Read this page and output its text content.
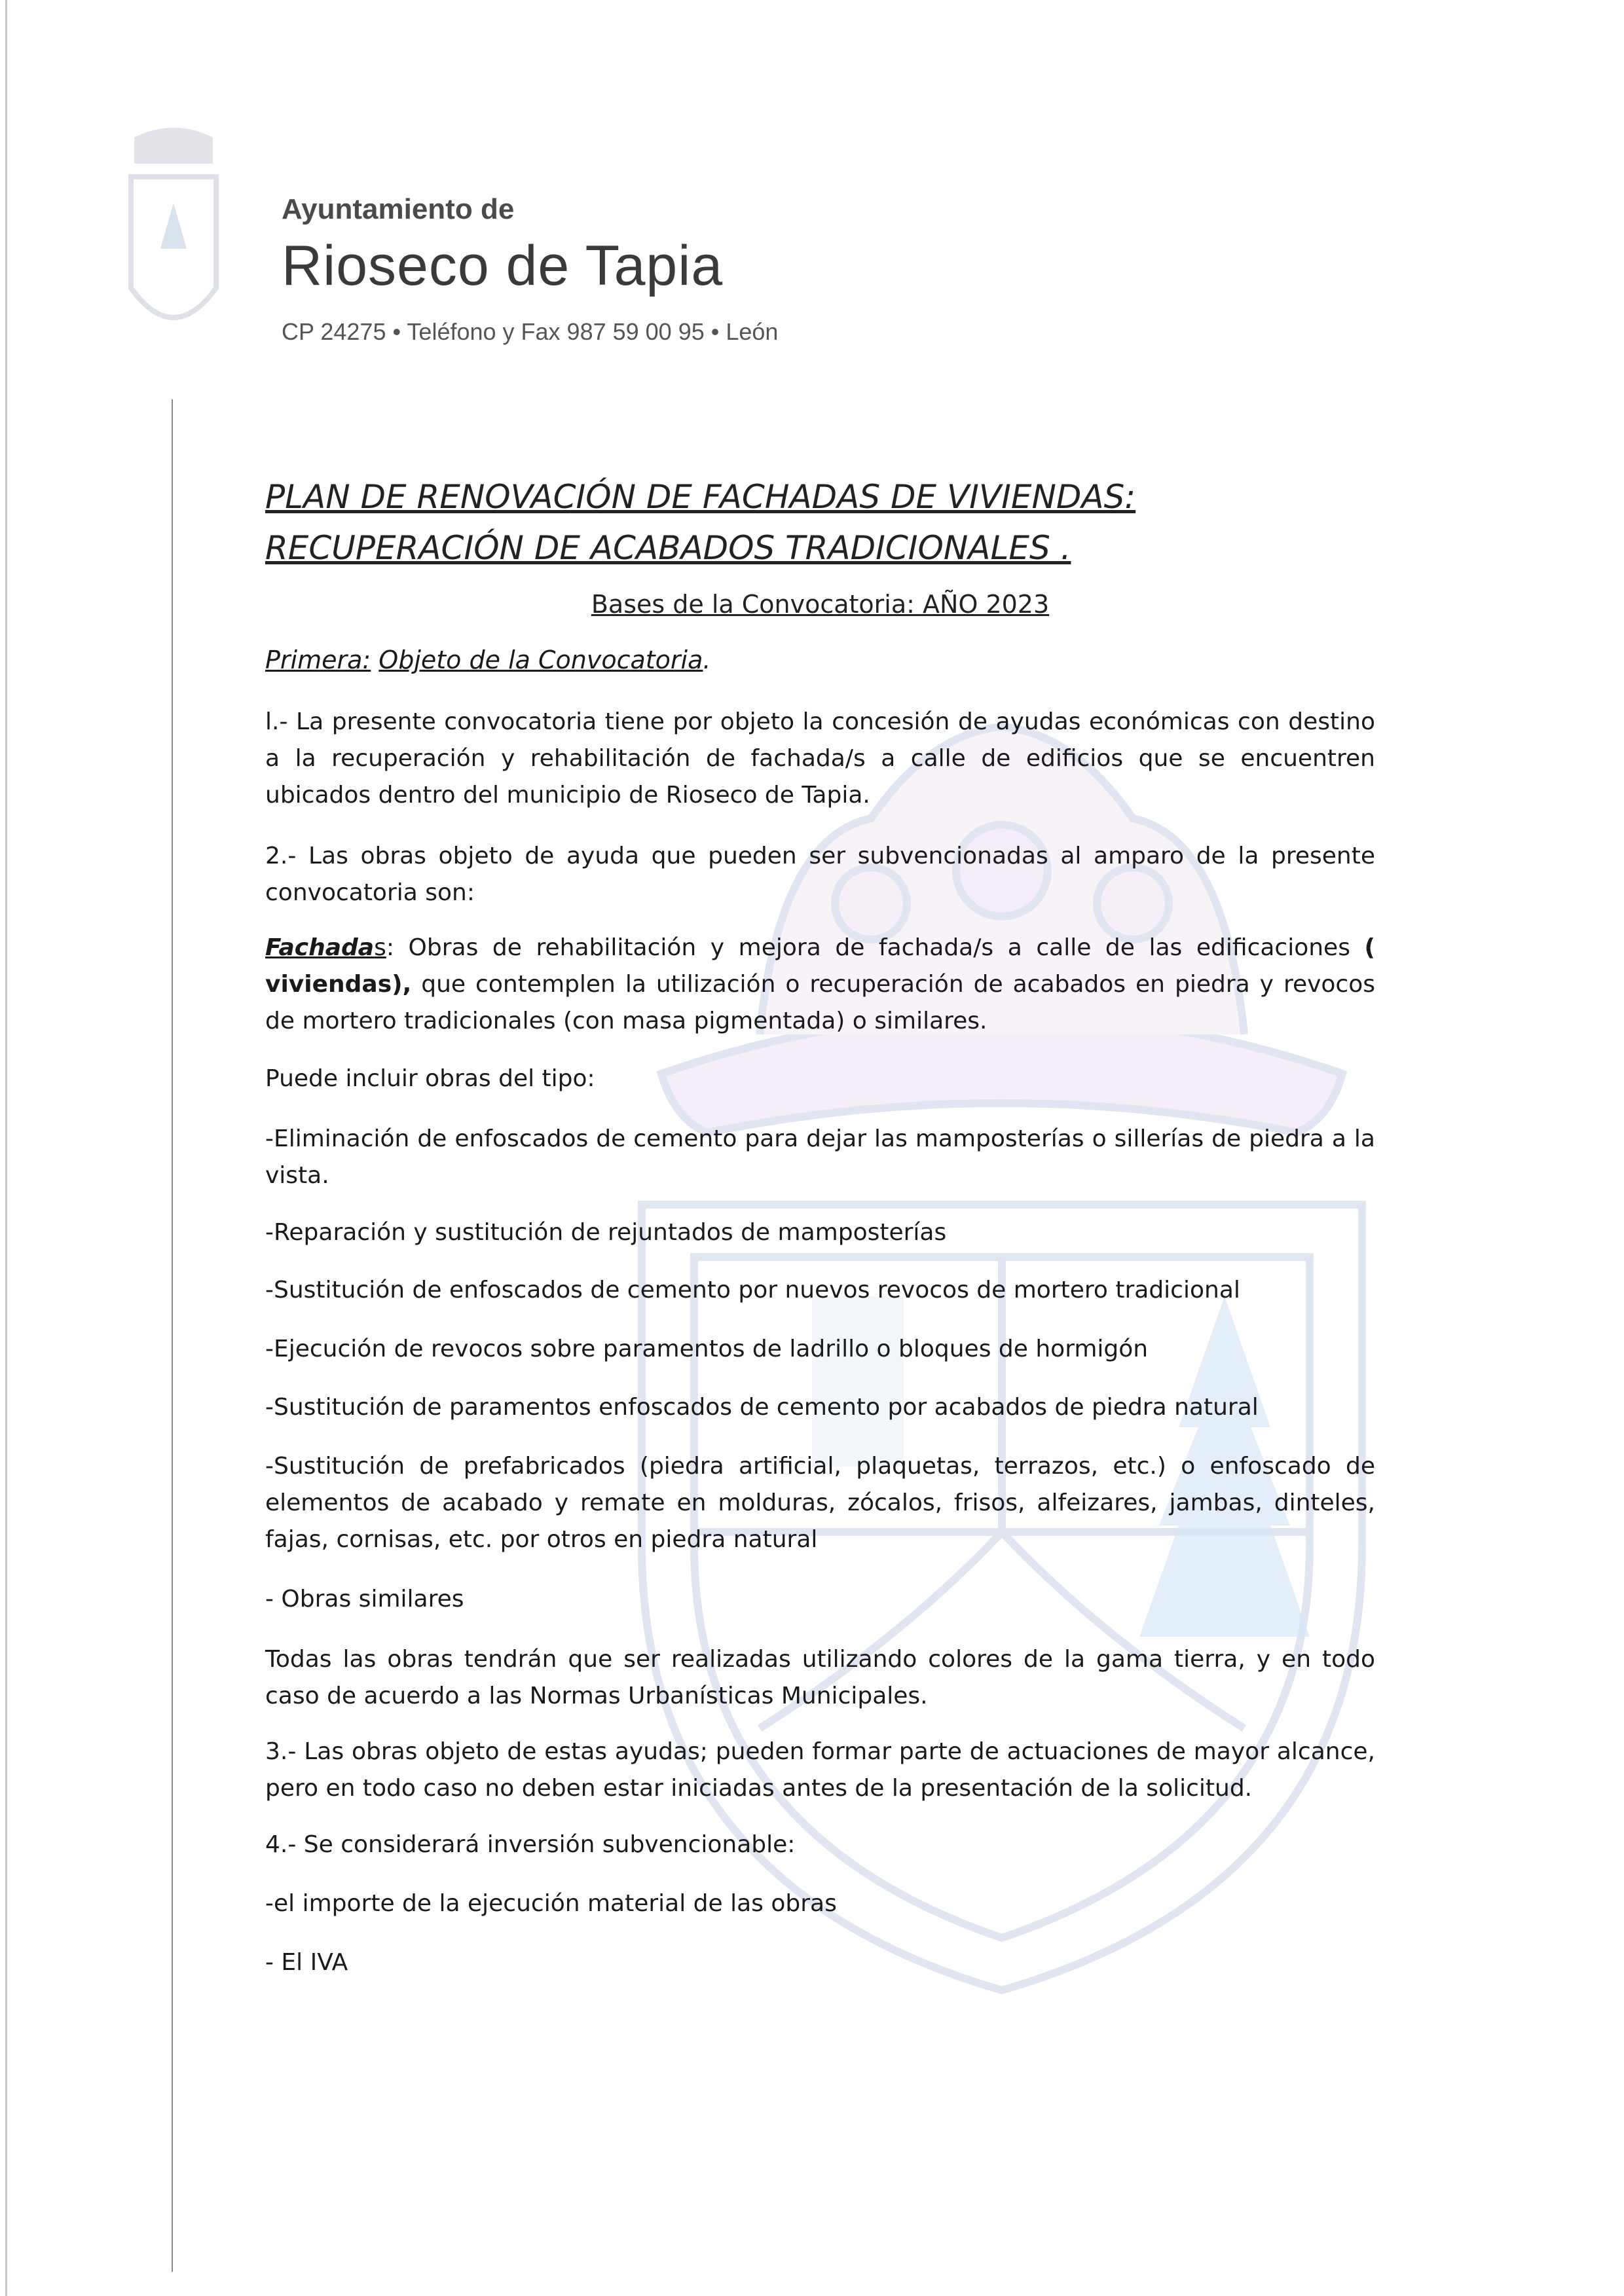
Ayuntamiento de

Rioseco de Tapia

CP 24275 • Teléfono y Fax 987 59 00 95 • León

PLAN DE RENOVACIÓN DE FACHADAS DE VIVIENDAS: RECUPERACIÓN DE ACABADOS TRADICIONALES .

Bases de la Convocatoria: AÑO 2023

Primera: Objeto de la Convocatoria.

l.- La presente convocatoria tiene por objeto la concesión de ayudas económicas con destino a la recuperación y rehabilitación de fachada/s a calle de edificios que se encuentren ubicados dentro del municipio de Rioseco de Tapia.

2.- Las obras objeto de ayuda que pueden ser subvencionadas al amparo de la presente convocatoria son:

Fachadas: Obras de rehabilitación y mejora de fachada/s a calle de las edificaciones ( viviendas), que contemplen la utilización o recuperación de acabados en piedra y revocos de mortero tradicionales (con masa pigmentada) o similares.

Puede incluir obras del tipo:

-Eliminación de enfoscados de cemento para dejar las mamposterías o sillerías de piedra a la vista.

-Reparación y sustitución de rejuntados de mamposterías

-Sustitución de enfoscados de cemento por nuevos revocos de mortero tradicional

-Ejecución de revocos sobre paramentos de ladrillo o bloques de hormigón

-Sustitución de paramentos enfoscados de cemento por acabados de piedra natural

-Sustitución de prefabricados (piedra artificial, plaquetas, terrazos, etc.) o enfoscado de elementos de acabado y remate en molduras, zócalos, frisos, alfeizares, jambas, dinteles, fajas, cornisas, etc. por otros en piedra natural

- Obras similares

Todas las obras tendrán que ser realizadas utilizando colores de la gama tierra, y en todo caso de acuerdo a las Normas Urbanísticas Municipales.

3.- Las obras objeto de estas ayudas; pueden formar parte de actuaciones de mayor alcance, pero en todo caso no deben estar iniciadas antes de la presentación de la solicitud.

4.- Se considerará inversión subvencionable:

-el importe de la ejecución material de las obras

- El IVA
